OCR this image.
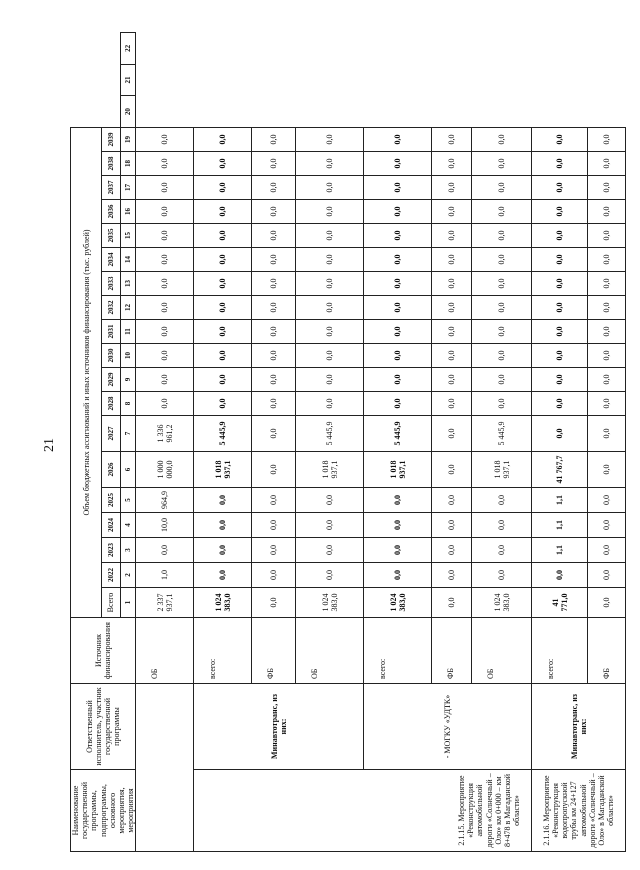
21
Наименование государственной программы, подпрограммы, основного мероприятия, мероприятия	Ответственный исполнитель, участник государственной программы	Источник финансирования	Объем бюджетных ассигнований и иных источников финансирования (тыс. рублей)																					
			Всего	2022	2023	2024	2025	2026	2027	2028	2029	2030	2031	2032	2033	2034	2035	2036	2037	2038	2039			
			1	2	3	4	5	6	7	8	9	10	11	12	13	14	15	16	17	18	19	20	21	22
		ОБ	2 337 937,1	1,0	0,0	10,0	964,9	1 000 000,0	1 336 961,2	0,0	0,0	0,0	0,0	0,0	0,0	0,0	0,0	0,0	0,0	0,0	0,0			
2.1.15. Мероприятие «Реконструкция автомобильной дороги «Солнечный – Оло» км 0+000 – км 8+478 в Магаданской области»	Минавтотранс, из них:	всего:	1 024 383,0	0,0	0,0	0,0	0,0	1 018 937,1	5 445,9	0,0	0,0	0,0	0,0	0,0	0,0	0,0	0,0	0,0	0,0	0,0	0,0			
		ФБ	0,0	0,0	0,0	0,0	0,0	0,0	0,0	0,0	0,0	0,0	0,0	0,0	0,0	0,0	0,0	0,0	0,0	0,0	0,0			
		ОБ	1 024 383,0	0,0	0,0	0,0	0,0	1 018 937,1	5 445,9	0,0	0,0	0,0	0,0	0,0	0,0	0,0	0,0	0,0	0,0	0,0	0,0			
	- МОГКУ «УДТК»	всего:	1 024 383,0	0,0	0,0	0,0	0,0	1 018 937,1	5 445,9	0,0	0,0	0,0	0,0	0,0	0,0	0,0	0,0	0,0	0,0	0,0	0,0			
		ФБ	0,0	0,0	0,0	0,0	0,0	0,0	0,0	0,0	0,0	0,0	0,0	0,0	0,0	0,0	0,0	0,0	0,0	0,0	0,0			
		ОБ	1 024 383,0	0,0	0,0	0,0	0,0	1 018 937,1	5 445,9	0,0	0,0	0,0	0,0	0,0	0,0	0,0	0,0	0,0	0,0	0,0	0,0			
2.1.16. Мероприятие «Реконструкция водопропускной трубы км 24+127 автомобильной дороги «Солнечный – Оло» в Магаданской области»	Минавтотранс, из них:	всего:	41 771,0	0,0	1,1	1,1	1,1	41 767,7	0,0	0,0	0,0	0,0	0,0	0,0	0,0	0,0	0,0	0,0	0,0	0,0	0,0			
		ФБ	0,0	0,0	0,0	0,0	0,0	0,0	0,0	0,0	0,0	0,0	0,0	0,0	0,0	0,0	0,0	0,0	0,0	0,0	0,0			
